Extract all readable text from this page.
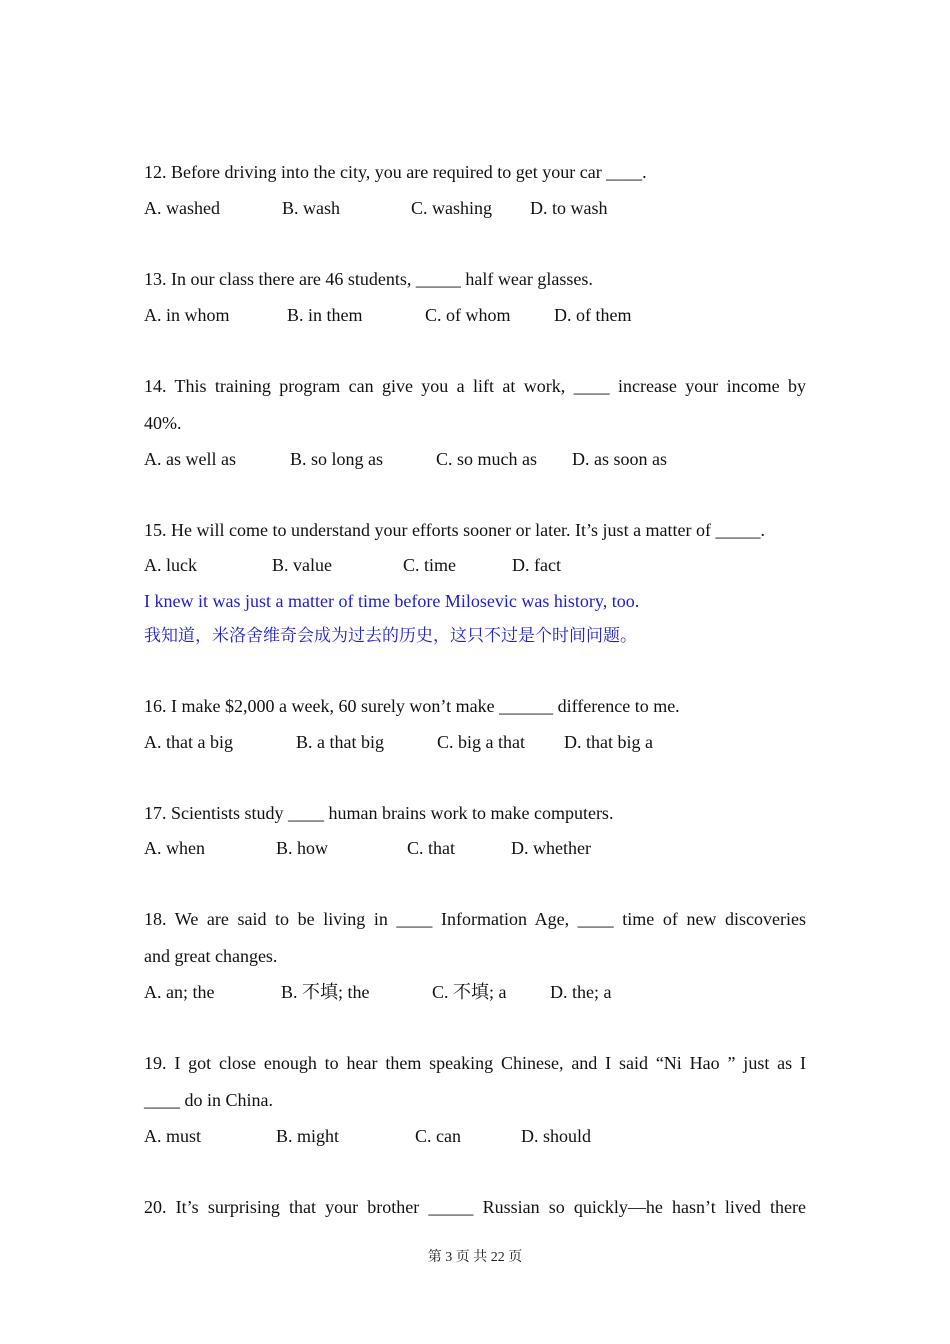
12. Before driving into the city, you are required to get your car ____.

A. washed

	B. wash

	C. washing

D. to wash

13. In our class there are 46 students, _____ half wear glasses.

A. in whom

	B. in them

	C. of whom

D. of them

14. This training program can give you a lift at work, ____ increase your income by
40%.

A. as well as

	B. so long as

	C. so much as

D. as soon as

15. He will come to understand your efforts sooner or later. It’s just a matter of _____.

A. luck

	B. value

	C. time

	D. fact

I knew it was just a matter of time before Milosevic was history, too.
我知道，米洛舍维奇会成为过去的历史，这只不过是个时间问题。
16. I make $2,000 a week, 60 surely won’t make ______ difference to me.

A. that a big

	B. a that big

	C. big a that

D. that big a

17. Scientists study ____ human brains work to make computers.

A. when

	B. how

	C. that

	D. whether

18. We are said to be living in ____ Information Age, ____ time of new discoveries
and great changes.

A. an; the

	B. 不填; the

	C. 不填; a

D. the; a

19. I got close enough to hear them speaking Chinese, and I said “Ni Hao ” just as I
____ do in China.

A. must

	B. might

	C. can

	D. should

20. It’s surprising that your brother _____ Russian so quickly—he hasn’t lived there
第 3 页 共 22 页
